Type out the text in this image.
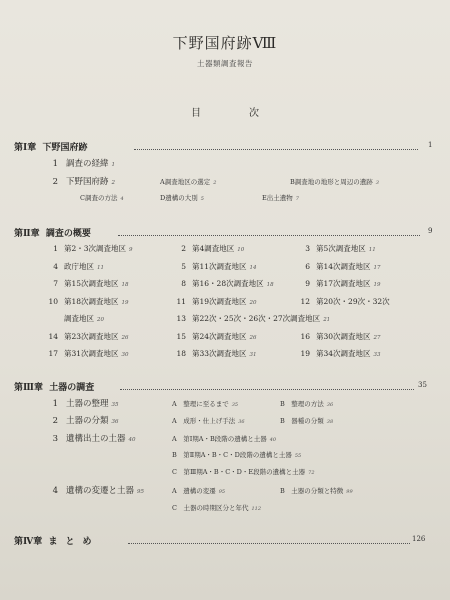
下野国府跡Ⅷ
土器類調査報告
目次
第Ⅰ章 下野国府跡	1
1 調査の経緯 1
2 下野国府跡 2	A調査地区の選定 2	B調査地の地形と周辺の遺跡 3
C調査の方法 4	D遺構の大別 5	E出土遺物 7
第Ⅱ章 調査の概要	9
1 第2・3次調査地区 9	2 第4調査地区 10	3 第5次調査地区 11
4 政庁地区 11	5 第11次調査地区 14	6 第14次調査地区 17
7 第15次調査地区 18	8 第16・28次調査地区 18	9 第17次調査地区 19
10 第18次調査地区 19	11 第19次調査地区 20	12 第20次・29次・32次
調査地区 20	13 第22次・25次・26次・27次調査地区 21
14 第23次調査地区 26	15 第24次調査地区 26	16 第30次調査地区 27
17 第31次調査地区 30	18 第33次調査地区 31	19 第34次調査地区 33
第Ⅲ章 土器の調査	35
1 土器の整理 35	A　整理に至るまで 35	B　整理の方法 36
2 土器の分類 36	A　成形・仕上げ手法 36	B　器種の分類 38
3 遺構出土の土器 40	A　第Ⅰ期A・B段階の遺構と土器 40
B　第Ⅱ期A・B・C・D段階の遺構と土器 55
C　第Ⅲ期A・B・C・D・E段階の遺構と土器 72
4 遺構の変遷と土器 95	A　遺構の変遷 95	B　土器の分類と特徴 99
C　土器の時期区分と年代 112
第Ⅳ章 まとめ	126
